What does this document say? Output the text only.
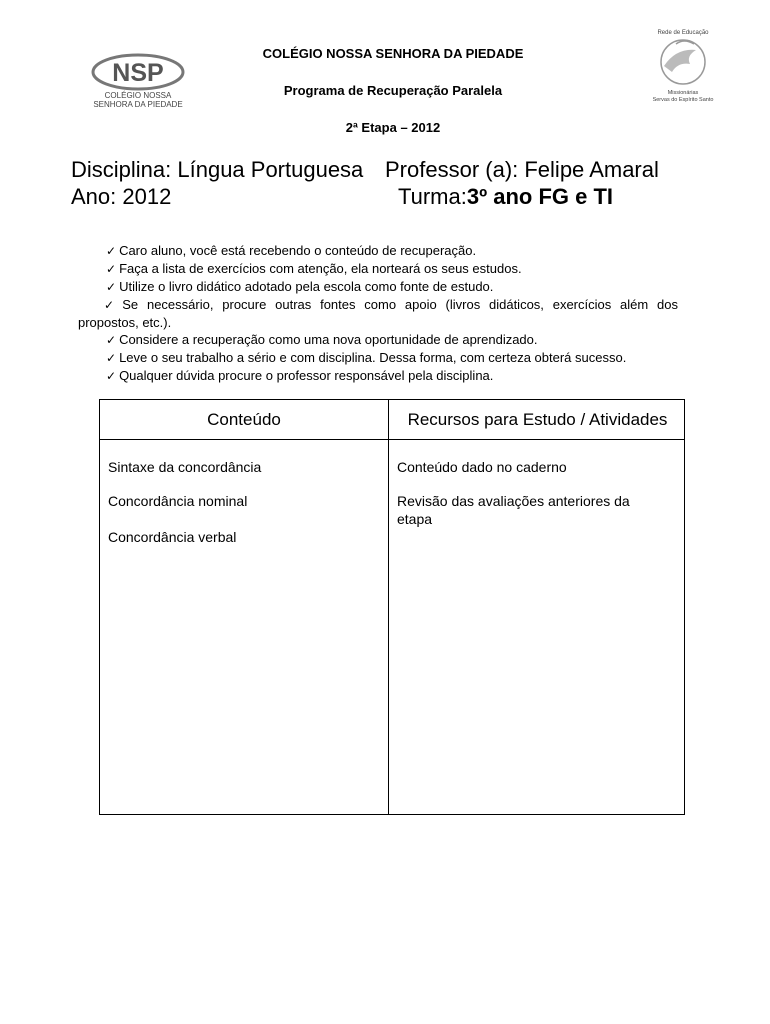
NSP
COLÉGIO NOSSA
SENHORA DA PIEDADE
Rede de Educação
Missionárias
Servas do Espírito Santo
COLÉGIO NOSSA SENHORA DA PIEDADE
Programa de Recuperação Paralela
2ª Etapa – 2012
Disciplina: Língua Portuguesa Professor (a): Felipe Amaral
Ano: 2012	Turma:3º ano FG e TI
✓ Caro aluno, você está recebendo o conteúdo de recuperação.
✓ Faça a lista de exercícios com atenção, ela norteará os seus estudos.
✓ Utilize o livro didático adotado pela escola como fonte de estudo.
✓ Se necessário, procure outras fontes como apoio (livros didáticos, exercícios além dos propostos, etc.).
✓ Considere a recuperação como uma nova oportunidade de aprendizado.
✓ Leve o seu trabalho a sério e com disciplina. Dessa forma, com certeza obterá sucesso.
✓ Qualquer dúvida procure o professor responsável pela disciplina.
Conteúdo	Recursos para Estudo / Atividades
Sintaxe da concordância
Concordância nominal
Concordância verbal
Conteúdo dado no caderno
Revisão das avaliações anteriores da etapa
